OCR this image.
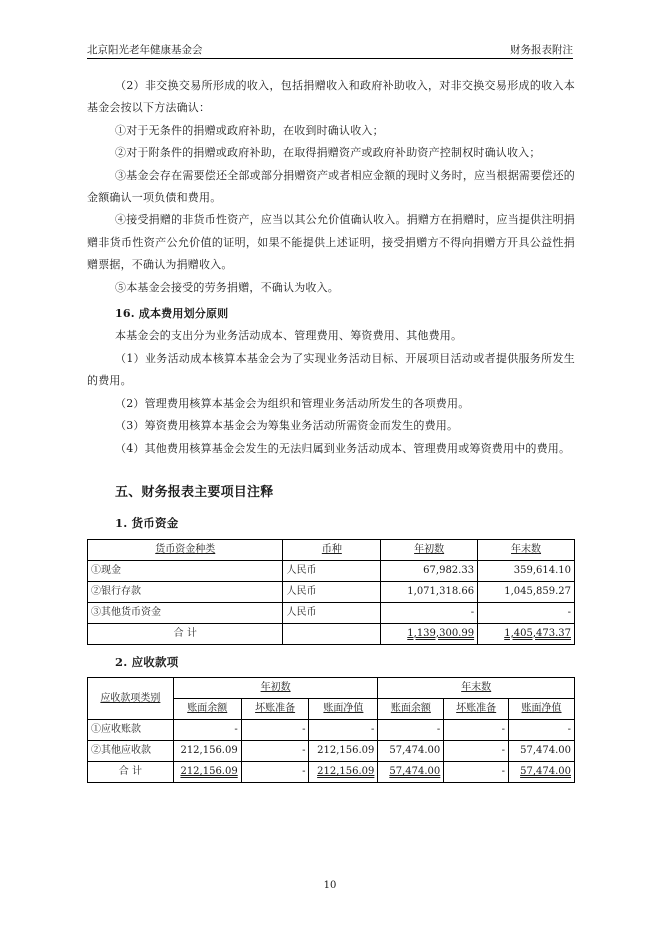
北京阳光老年健康基金会	财务报表附注

（2）非交换交易所形成的收入，包括捐赠收入和政府补助收入，对非交换交易形成的收入本基金会按以下方法确认：

①对于无条件的捐赠或政府补助，在收到时确认收入；

②对于附条件的捐赠或政府补助，在取得捐赠资产或政府补助资产控制权时确认收入；

③基金会存在需要偿还全部或部分捐赠资产或者相应金额的现时义务时，应当根据需要偿还的金额确认一项负债和费用。

④接受捐赠的非货币性资产，应当以其公允价值确认收入。捐赠方在捐赠时，应当提供注明捐赠非货币性资产公允价值的证明，如果不能提供上述证明，接受捐赠方不得向捐赠方开具公益性捐赠票据，不确认为捐赠收入。

⑤本基金会接受的劳务捐赠，不确认为收入。

16. 成本费用划分原则

本基金会的支出分为业务活动成本、管理费用、筹资费用、其他费用。

（1）业务活动成本核算本基金会为了实现业务活动目标、开展项目活动或者提供服务所发生的费用。

（2）管理费用核算本基金会为组织和管理业务活动所发生的各项费用。

（3）筹资费用核算本基金会为筹集业务活动所需资金而发生的费用。

（4）其他费用核算基金会发生的无法归属到业务活动成本、管理费用或筹资费用中的费用。

五、财务报表主要项目注释

1. 货币资金

货币资金种类	币种	年初数	年末数
①现金	人民币	67,982.33	359,614.10
②银行存款	人民币	1,071,318.66	1,045,859.27
③其他货币资金	人民币	-	-
合 计		1,139,300.99	1,405,473.37

2. 应收款项

应收款项类别	年初数			年末数		
	账面余额	坏账准备	账面净值	账面余额	坏账准备	账面净值
①应收账款	-	-	-	-	-	-
②其他应收款	212,156.09	-	212,156.09	57,474.00	-	57,474.00
合 计	212,156.09	-	212,156.09	57,474.00	-	57,474.00
10
